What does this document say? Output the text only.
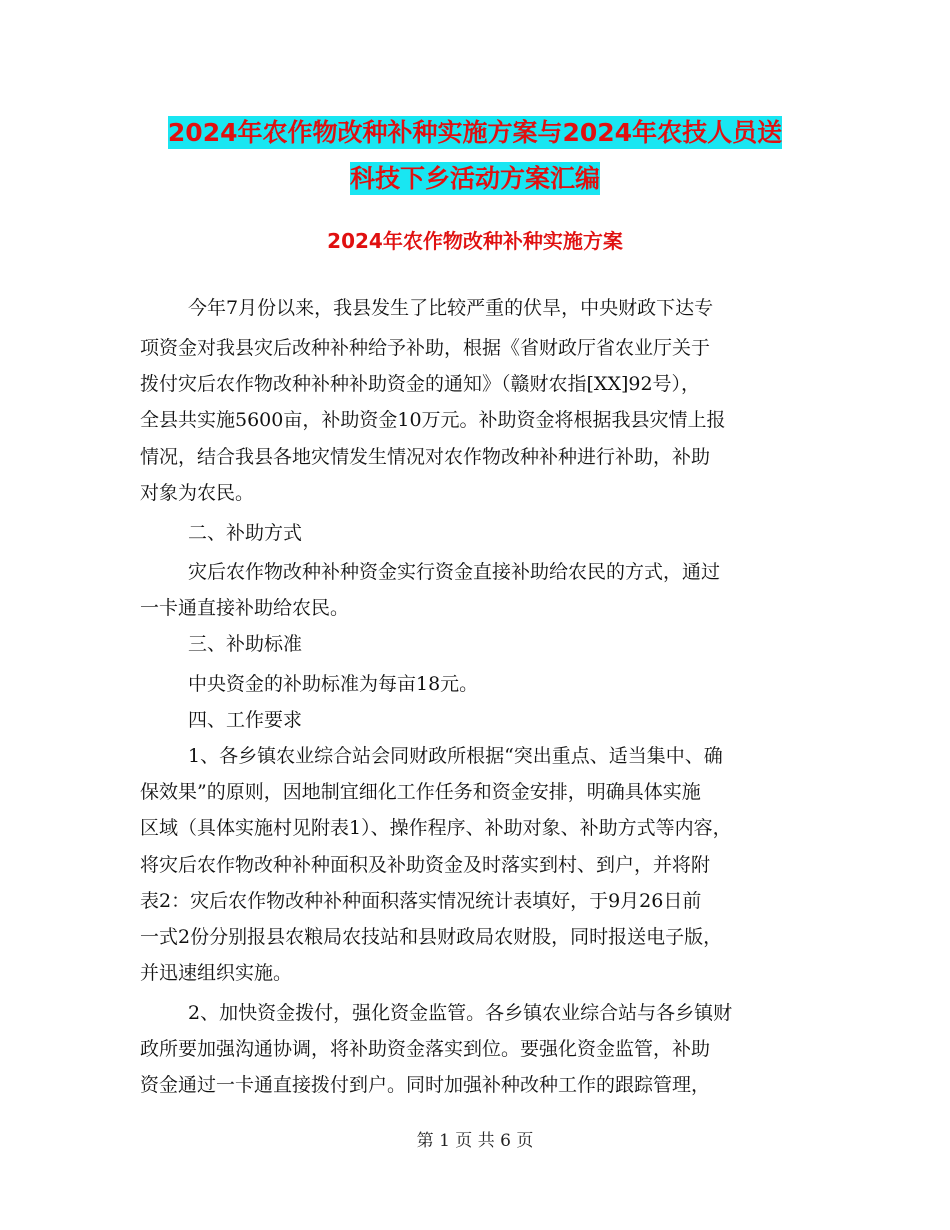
2024年农作物改种补种实施方案与2024年农技人员送
科技下乡活动方案汇编
2024年农作物改种补种实施方案
今年7月份以来，我县发生了比较严重的伏旱，中央财政下达专
项资金对我县灾后改种补种给予补助，根据《省财政厅省农业厅关于
拨付灾后农作物改种补种补助资金的通知》（赣财农指[XX]92号），
全县共实施5600亩，补助资金10万元。补助资金将根据我县灾情上报
情况，结合我县各地灾情发生情况对农作物改种补种进行补助，补助
对象为农民。
二、补助方式
灾后农作物改种补种资金实行资金直接补助给农民的方式，通过
一卡通直接补助给农民。
三、补助标准
中央资金的补助标准为每亩18元。
四、工作要求
1、各乡镇农业综合站会同财政所根据“突出重点、适当集中、确
保效果”的原则，因地制宜细化工作任务和资金安排，明确具体实施
区域（具体实施村见附表1）、操作程序、补助对象、补助方式等内容，
将灾后农作物改种补种面积及补助资金及时落实到村、到户，并将附
表2：灾后农作物改种补种面积落实情况统计表填好，于9月26日前
一式2份分别报县农粮局农技站和县财政局农财股，同时报送电子版，
并迅速组织实施。
2、加快资金拨付，强化资金监管。各乡镇农业综合站与各乡镇财
政所要加强沟通协调，将补助资金落实到位。要强化资金监管，补助
资金通过一卡通直接拨付到户。同时加强补种改种工作的跟踪管理，
第 1 页 共 6 页
